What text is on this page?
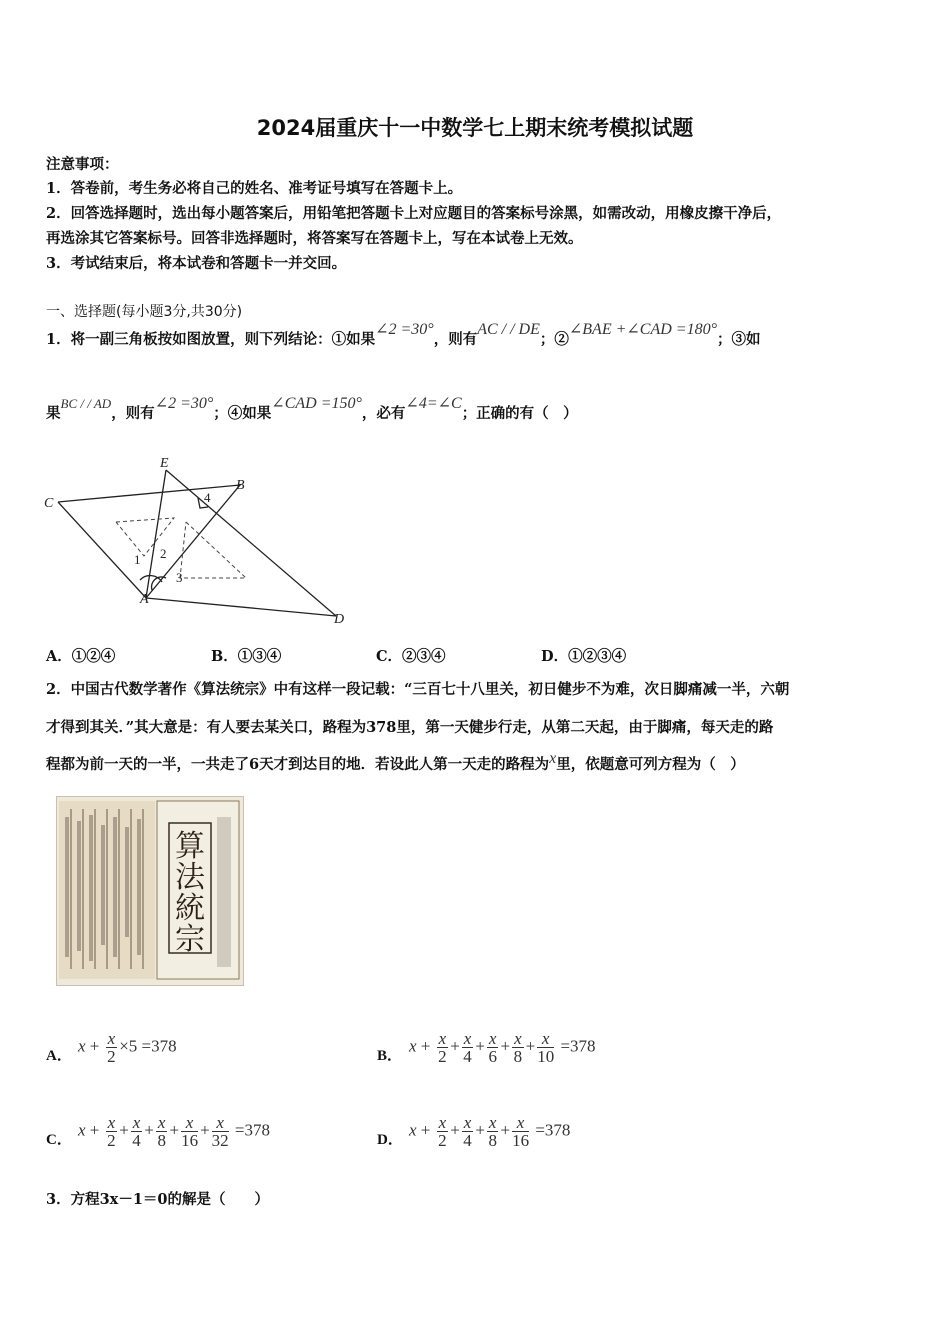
2024届重庆十一中数学七上期末统考模拟试题
注意事项：
1．答卷前，考生务必将自己的姓名、准考证号填写在答题卡上。
2．回答选择题时，选出每小题答案后，用铅笔把答题卡上对应题目的答案标号涂黑，如需改动，用橡皮擦干净后，
再选涂其它答案标号。回答非选择题时，将答案写在答题卡上，写在本试卷上无效。
3．考试结束后，将本试卷和答题卡一并交回。
一、选择题(每小题3分,共30分)
1．将一副三角板按如图放置，则下列结论：①如果∠2 =30°，则有AC / / DE；②∠BAE +∠CAD =180°；③如
果BC / / AD，则有∠2 =30°；④如果∠CAD =150°，必有∠4=∠C；正确的有（　）
E
B
C
D
A
1 2
3
4
A．①②④	B．①③④	C．②③④	D．①②③④
2．中国古代数学著作《算法统宗》中有这样一段记载：“三百七十八里关，初日健步不为难，次日脚痛减一半，六朝
才得到其关．”其大意是：有人要去某关口，路程为378里，第一天健步行走，从第二天起，由于脚痛，每天走的路
程都为前一天的一半，一共走了6天才到达目的地．若设此人第一天走的路程为x里，依题意可列方程为（　）
算法統宗
A．
$x + \frac{x}{2} \times 5 =378$
B．
$x + \frac{x}{2} + \frac{x}{4} + \frac{x}{6} + \frac{x}{8} + \frac{x}{10} =378$
C．
$x + \frac{x}{2} + \frac{x}{4} + \frac{x}{8} + \frac{x}{16} + \frac{x}{32} =378$
D．
$x + \frac{x}{2} + \frac{x}{4} + \frac{x}{8} + \frac{x}{16} =378$
3．方程3x－1＝0的解是（　　）
